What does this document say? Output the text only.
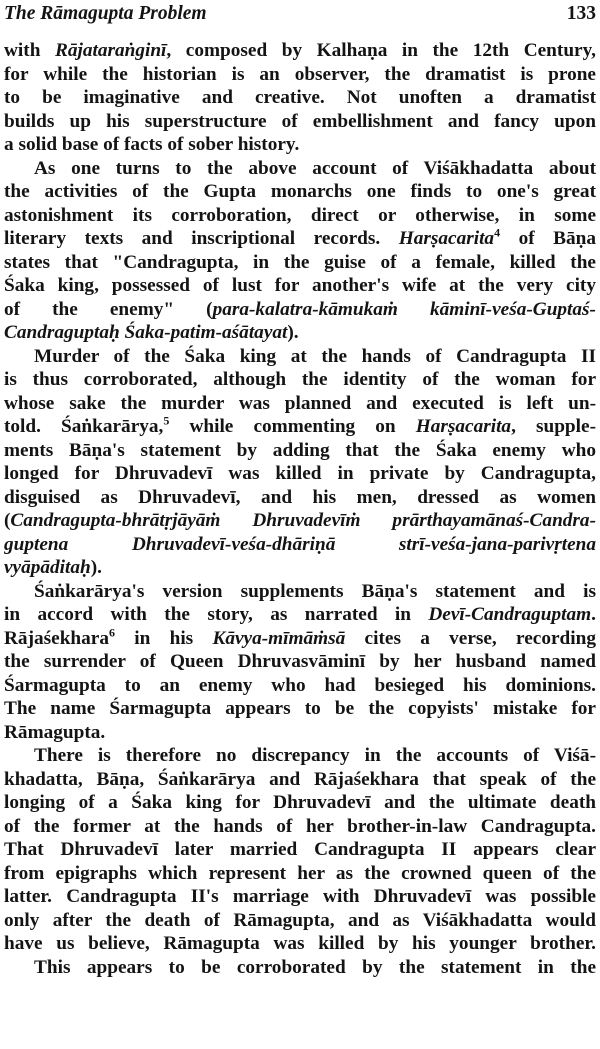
The Rāmagupta Problem	133
with Rājataraṅginī, composed by Kalhaṇa in the 12th Century,
for while the historian is an observer, the dramatist is prone
to be imaginative and creative. Not unoften a dramatist
builds up his superstructure of embellishment and fancy upon
a solid base of facts of sober history.
As one turns to the above account of Viśākhadatta about
the activities of the Gupta monarchs one finds to one's great
astonishment its corroboration, direct or otherwise, in some
literary texts and inscriptional records. Harṣacarita$^4$ of Bāṇa
states that "Candragupta, in the guise of a female, killed the
Śaka king, possessed of lust for another's wife at the very city
of the enemy" (para-kalatra-kāmukaṁ kāminī-veśa-Guptaś-
Candraguptaḥ Śaka-patim-aśātayat).
Murder of the Śaka king at the hands of Candragupta II
is thus corroborated, although the identity of the woman for
whose sake the murder was planned and executed is left un-
told. Śaṅkarārya,$^5$ while commenting on Harṣacarita, supple-
ments Bāṇa's statement by adding that the Śaka enemy who
longed for Dhruvadevī was killed in private by Candragupta,
disguised as Dhruvadevī, and his men, dressed as women
(Candragupta-bhrātṛjāyāṁ Dhruvadevīṁ prārthayamānaś-Candra-
guptena Dhruvadevī-veśa-dhāriṇā strī-veśa-jana-parivṛtena
vyāpāditaḥ).
Śaṅkarārya's version supplements Bāṇa's statement and is
in accord with the story, as narrated in Devī-Candraguptam.
Rājaśekhara$^6$ in his Kāvya-mīmāṁsā cites a verse, recording
the surrender of Queen Dhruvasvāminī by her husband named
Śarmagupta to an enemy who had besieged his dominions.
The name Śarmagupta appears to be the copyists' mistake for
Rāmagupta.
There is therefore no discrepancy in the accounts of Viśā-
khadatta, Bāṇa, Śaṅkarārya and Rājaśekhara that speak of the
longing of a Śaka king for Dhruvadevī and the ultimate death
of the former at the hands of her brother-in-law Candragupta.
That Dhruvadevī later married Candragupta II appears clear
from epigraphs which represent her as the crowned queen of the
latter. Candragupta II's marriage with Dhruvadevī was possible
only after the death of Rāmagupta, and as Viśākhadatta would
have us believe, Rāmagupta was killed by his younger brother.
This appears to be corroborated by the statement in the
